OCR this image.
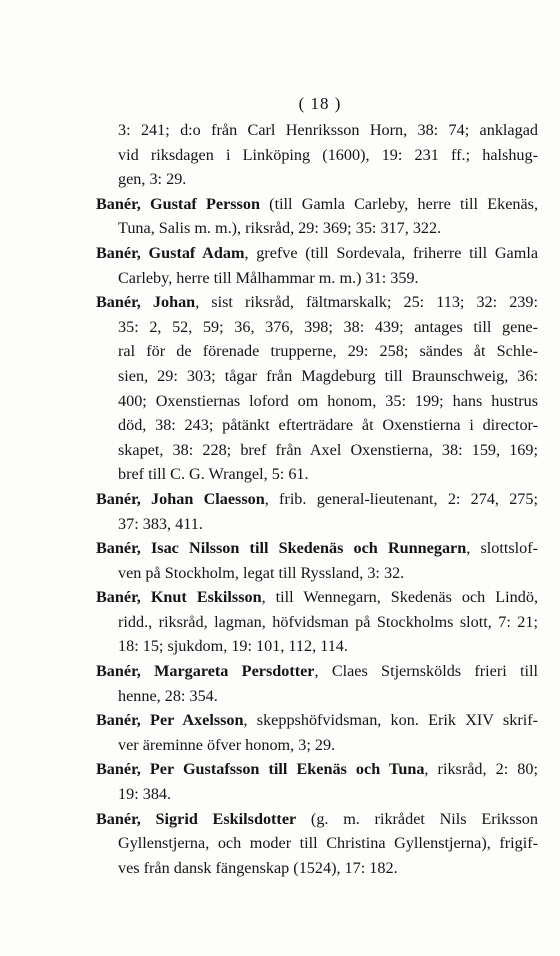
( 18 )
3: 241; d:o från Carl Henriksson Horn, 38: 74; anklagad
vid riksdagen i Linköping (1600), 19: 231 ff.; halshug-
gen, 3: 29.
Banér, Gustaf Persson (till Gamla Carleby, herre till Ekenäs,
Tuna, Salis m. m.), riksråd, 29: 369; 35: 317, 322.
Banér, Gustaf Adam, grefve (till Sordevala, friherre till Gamla
Carleby, herre till Målhammar m. m.) 31: 359.
Banér, Johan, sist riksråd, fältmarskalk; 25: 113; 32: 239:
35: 2, 52, 59; 36, 376, 398; 38: 439; antages till gene-
ral för de förenade trupperne, 29: 258; sändes åt Schle-
sien, 29: 303; tågar från Magdeburg till Braunschweig, 36:
400; Oxenstiernas loford om honom, 35: 199; hans hustrus
död, 38: 243; påtänkt efterträdare åt Oxenstierna i director-
skapet, 38: 228; bref från Axel Oxenstierna, 38: 159, 169;
bref till C. G. Wrangel, 5: 61.
Banér, Johan Claesson, frib. general-lieutenant, 2: 274, 275;
37: 383, 411.
Banér, Isac Nilsson till Skedenäs och Runnegarn, slottslof-
ven på Stockholm, legat till Ryssland, 3: 32.
Banér, Knut Eskilsson, till Wennegarn, Skedenäs och Lindö,
ridd., riksråd, lagman, höfvidsman på Stockholms slott, 7: 21;
18: 15; sjukdom, 19: 101, 112, 114.
Banér, Margareta Persdotter, Claes Stjernskölds frieri till
henne, 28: 354.
Banér, Per Axelsson, skeppshöfvidsman, kon. Erik XIV skrif-
ver äreminne öfver honom, 3; 29.
Banér, Per Gustafsson till Ekenäs och Tuna, riksråd, 2: 80;
19: 384.
Banér, Sigrid Eskilsdotter (g. m. rikrådet Nils Eriksson
Gyllenstjerna, och moder till Christina Gyllenstjerna), frigif-
ves från dansk fängenskap (1524), 17: 182.
